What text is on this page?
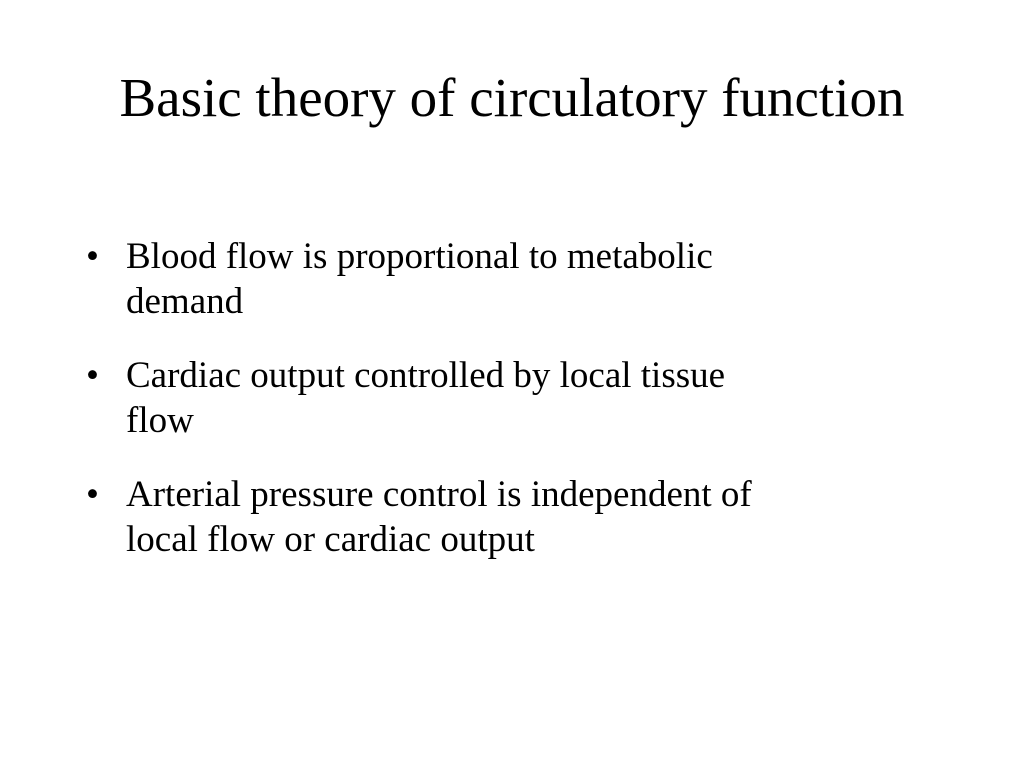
Basic theory of circulatory function
• Blood flow is proportional to metabolic
demand
• Cardiac output controlled by local tissue
flow
• Arterial pressure control is independent of
local flow or cardiac output
